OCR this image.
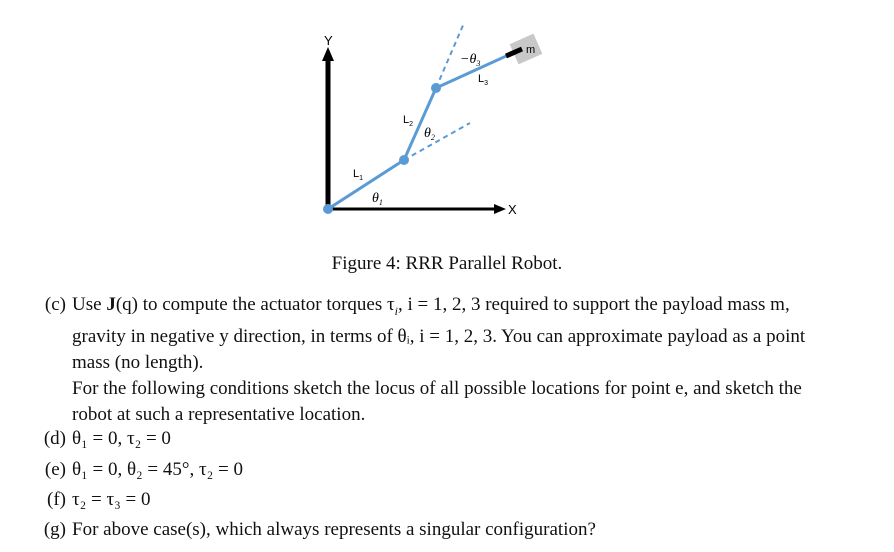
Y
X
m
$L_1$
$L_2$
$L_3$
$\theta_1$
$\theta_2$
$-\theta_3$
Figure 4: RRR Parallel Robot.
(c) Use J(q) to compute the actuator torques $\tau_i$, i = 1, 2, 3 required to support the payload mass m,
gravity in negative y direction, in terms of θᵢ, i = 1, 2, 3. You can approximate payload as a point
mass (no length).
For the following conditions sketch the locus of all possible locations for point e, and sketch the
robot at such a representative location.
(d) θ₁ = 0, τ₂ = 0
(e) θ₁ = 0, θ₂ = 45°, τ₂ = 0
(f) τ₂ = τ₃ = 0
(g) For above case(s), which always represents a singular configuration?
